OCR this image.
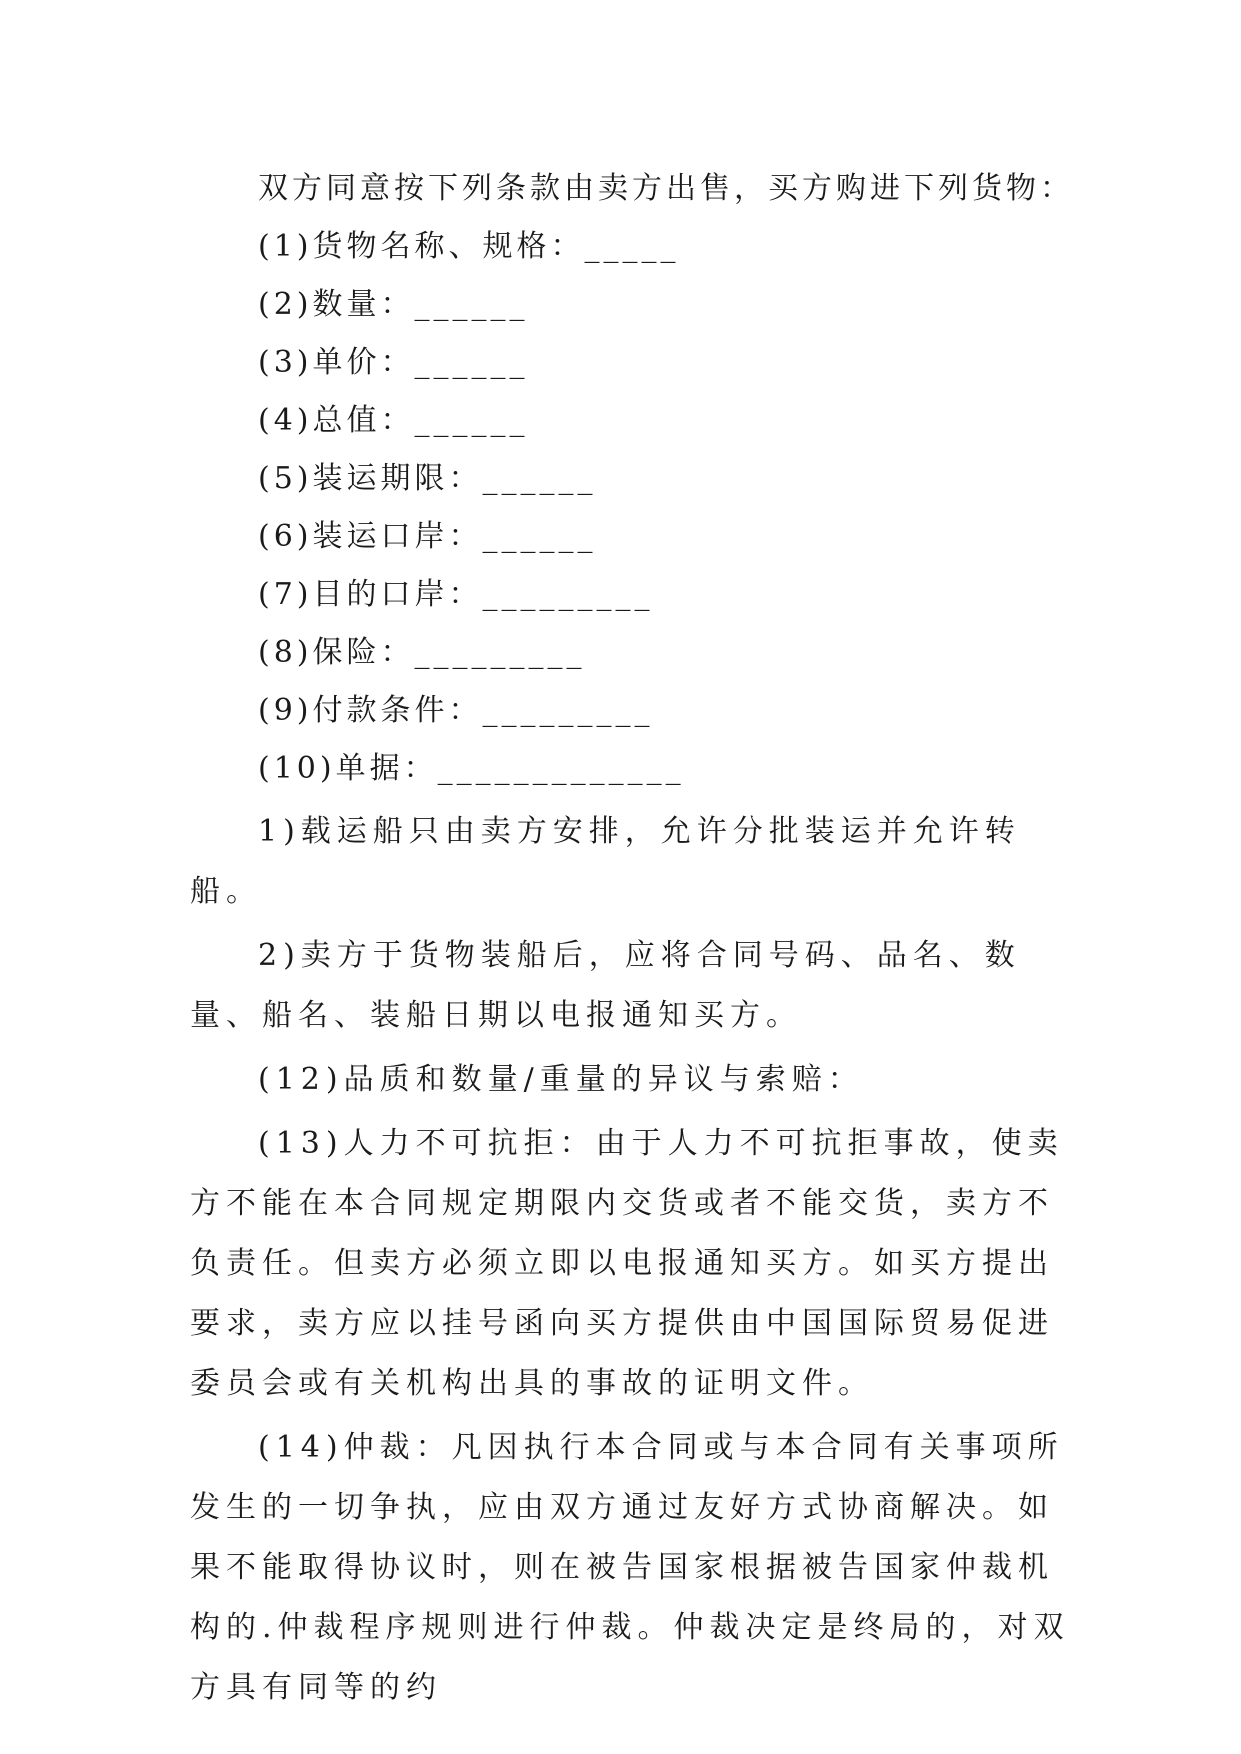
双方同意按下列条款由卖方出售，买方购进下列货物：
(1)货物名称、规格：_____
(2)数量：______
(3)单价：______
(4)总值：______
(5)装运期限：______
(6)装运口岸：______
(7)目的口岸：_________
(8)保险：_________
(9)付款条件：_________
(10)单据：_____________

1)载运船只由卖方安排，允许分批装运并允许转船。

2)卖方于货物装船后，应将合同号码、品名、数量、船名、装船日期以电报通知买方。

(12)品质和数量/重量的异议与索赔：

(13)人力不可抗拒：由于人力不可抗拒事故，使卖方不能在本合同规定期限内交货或者不能交货，卖方不负责任。但卖方必须立即以电报通知买方。如买方提出要求，卖方应以挂号函向买方提供由中国国际贸易促进委员会或有关机构出具的事故的证明文件。

(14)仲裁：凡因执行本合同或与本合同有关事项所发生的一切争执，应由双方通过友好方式协商解决。如果不能取得协议时，则在被告国家根据被告国家仲裁机构的.仲裁程序规则进行仲裁。仲裁决定是终局的，对双方具有同等的约
